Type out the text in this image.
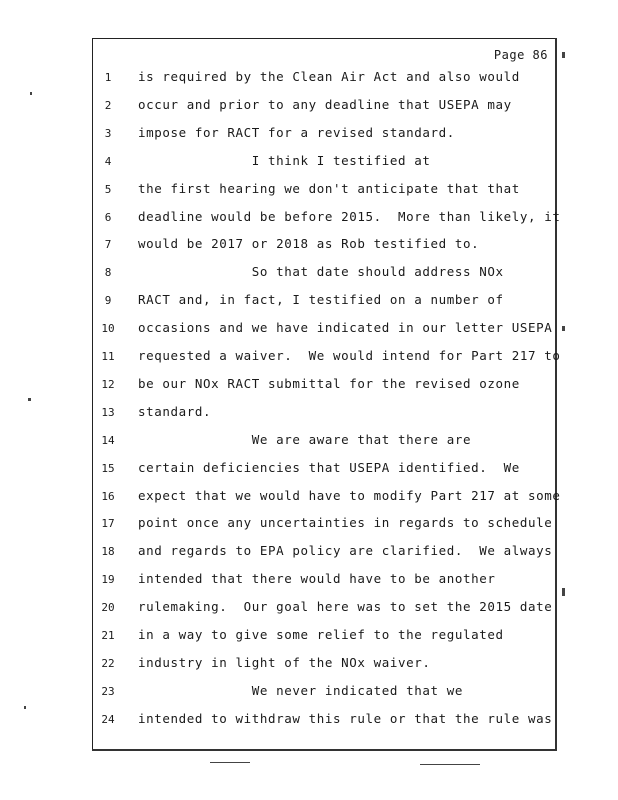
Page 86
1	is required by the Clean Air Act and also would
2	occur and prior to any deadline that USEPA may
3	impose for RACT for a revised standard.
4	I think I testified at
5	the first hearing we don't anticipate that that
6	deadline would be before 2015.  More than likely, it
7	would be 2017 or 2018 as Rob testified to.
8	So that date should address NOx
9	RACT and, in fact, I testified on a number of
10	occasions and we have indicated in our letter USEPA
11	requested a waiver.  We would intend for Part 217 to
12	be our NOx RACT submittal for the revised ozone
13	standard.
14	We are aware that there are
15	certain deficiencies that USEPA identified.  We
16	expect that we would have to modify Part 217 at some
17	point once any uncertainties in regards to schedule
18	and regards to EPA policy are clarified.  We always
19	intended that there would have to be another
20	rulemaking.  Our goal here was to set the 2015 date
21	in a way to give some relief to the regulated
22	industry in light of the NOx waiver.
23	We never indicated that we
24	intended to withdraw this rule or that the rule was
